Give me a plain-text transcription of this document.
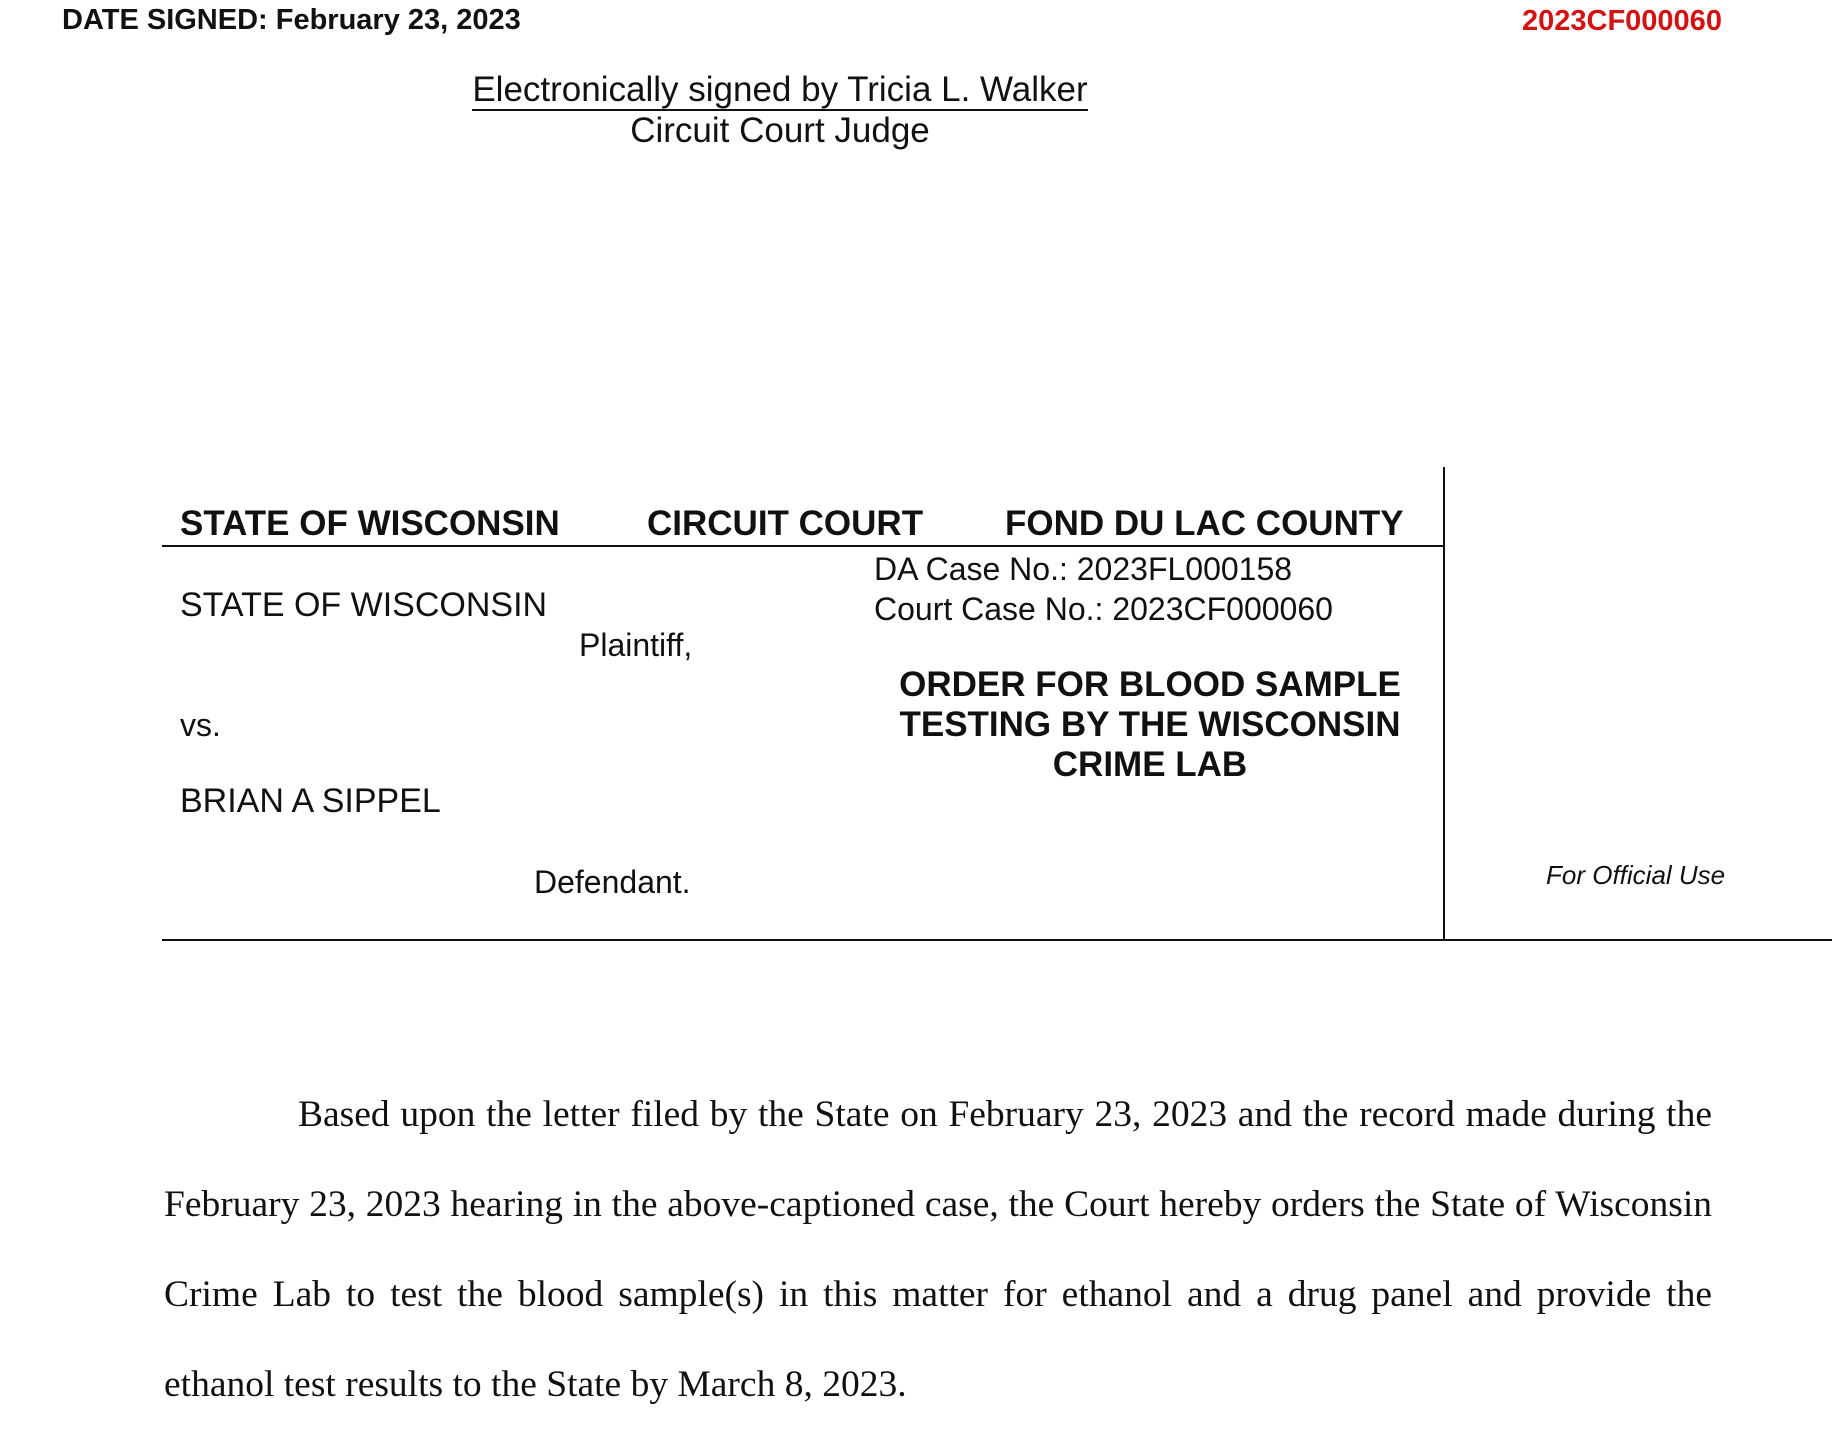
DATE SIGNED: February 23, 2023	2023CF000060
Electronically signed by Tricia L. Walker
Circuit Court Judge
STATE OF WISCONSIN CIRCUIT COURT FOND DU LAC COUNTY
STATE OF WISCONSIN
Plaintiff,
vs.
BRIAN A SIPPEL
Defendant.
DA Case No.: 2023FL000158
Court Case No.: 2023CF000060
ORDER FOR BLOOD SAMPLE TESTING BY THE WISCONSIN CRIME LAB
For Official Use
Based upon the letter filed by the State on February 23, 2023 and the record made during the February 23, 2023 hearing in the above-captioned case, the Court hereby orders the State of Wisconsin Crime Lab to test the blood sample(s) in this matter for ethanol and a drug panel and provide the ethanol test results to the State by March 8, 2023.
